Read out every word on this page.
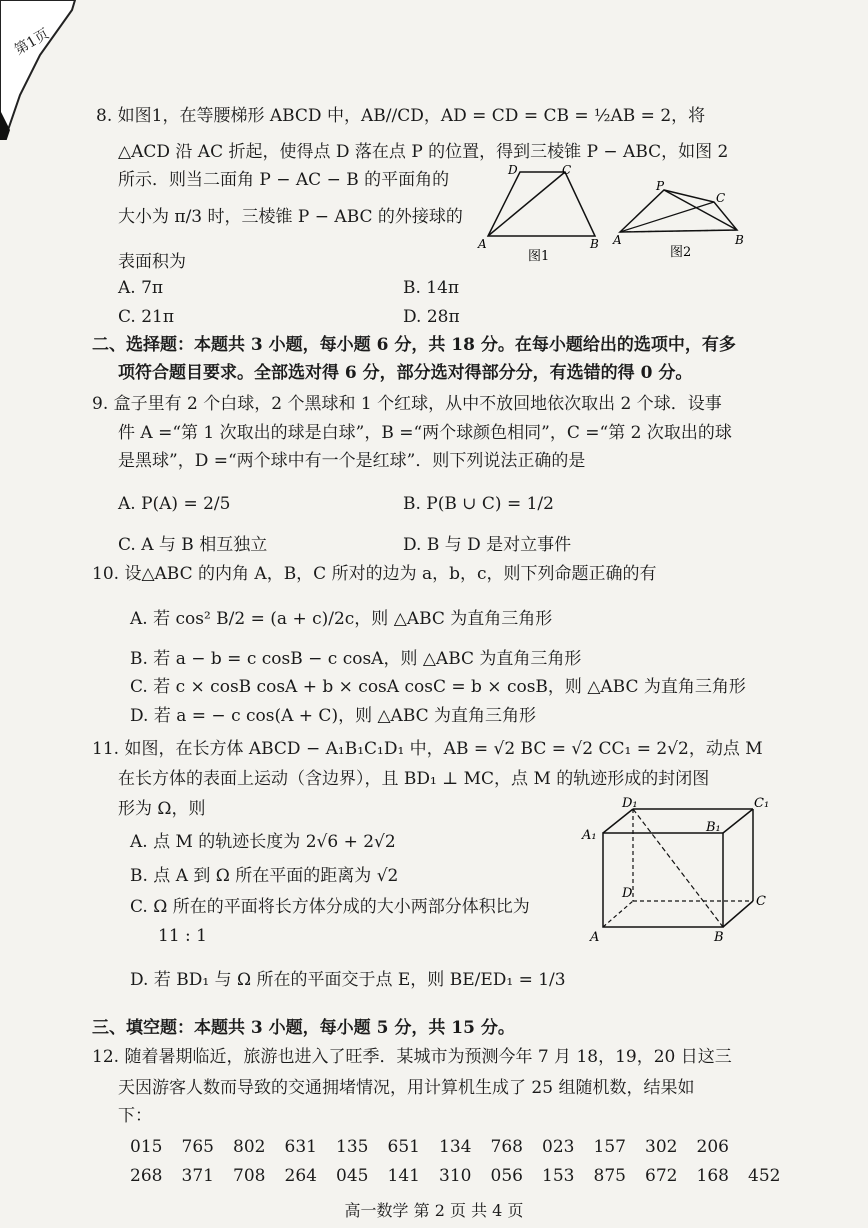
第1页
8. 如图1，在等腰梯形 ABCD 中，AB//CD，AD = CD = CB = ½AB = 2，将
△ACD 沿 AC 折起，使得点 D 落在点 P 的位置，得到三棱锥 P − ABC，如图 2
所示．则当二面角 P − AC − B 的平面角的
大小为 π/3 时，三棱锥 P − ABC 的外接球的
表面积为
D	C
A	B
图1
P
C
A	B
图2
A. 7π	B. 14π
C. 21π	D. 28π
二、选择题：本题共 3 小题，每小题 6 分，共 18 分。在每小题给出的选项中，有多
项符合题目要求。全部选对得 6 分，部分选对得部分分，有选错的得 0 分。
9. 盒子里有 2 个白球，2 个黑球和 1 个红球，从中不放回地依次取出 2 个球．设事
件 A =“第 1 次取出的球是白球”，B =“两个球颜色相同”，C =“第 2 次取出的球
是黑球”，D =“两个球中有一个是红球”．则下列说法正确的是
A. P(A) = 2/5	B. P(B ∪ C) = 1/2
C. A 与 B 相互独立	D. B 与 D 是对立事件
10. 设△ABC 的内角 A，B，C 所对的边为 a，b，c，则下列命题正确的有
A. 若 cos² B/2 = (a + c)/2c，则 △ABC 为直角三角形
B. 若 a − b = c cosB − c cosA，则 △ABC 为直角三角形
C. 若 c × cosB cosA + b × cosA cosC = b × cosB，则 △ABC 为直角三角形
D. 若 a = − c cos(A + C)，则 △ABC 为直角三角形
11. 如图，在长方体 ABCD − A₁B₁C₁D₁ 中，AB = √2 BC = √2 CC₁ = 2√2，动点 M
在长方体的表面上运动（含边界），且 BD₁ ⊥ MC，点 M 的轨迹形成的封闭图
形为 Ω，则
A. 点 M 的轨迹长度为 2√6 + 2√2
B. 点 A 到 Ω 所在平面的距离为 √2
C. Ω 所在的平面将长方体分成的大小两部分体积比为
11 : 1
D. 若 BD₁ 与 Ω 所在的平面交于点 E，则 BE/ED₁ = 1/3
D₁	C₁
A₁
B₁
D
C
A	B
三、填空题：本题共 3 小题，每小题 5 分，共 15 分。
12. 随着暑期临近，旅游也进入了旺季．某城市为预测今年 7 月 18，19，20 日这三
天因游客人数而导致的交通拥堵情况，用计算机生成了 25 组随机数，结果如
下：
015 765 802 631 135 651 134 768 023 157 302 206
268 371 708 264 045 141 310 056 153 875 672 168 452
高一数学 第 2 页 共 4 页
